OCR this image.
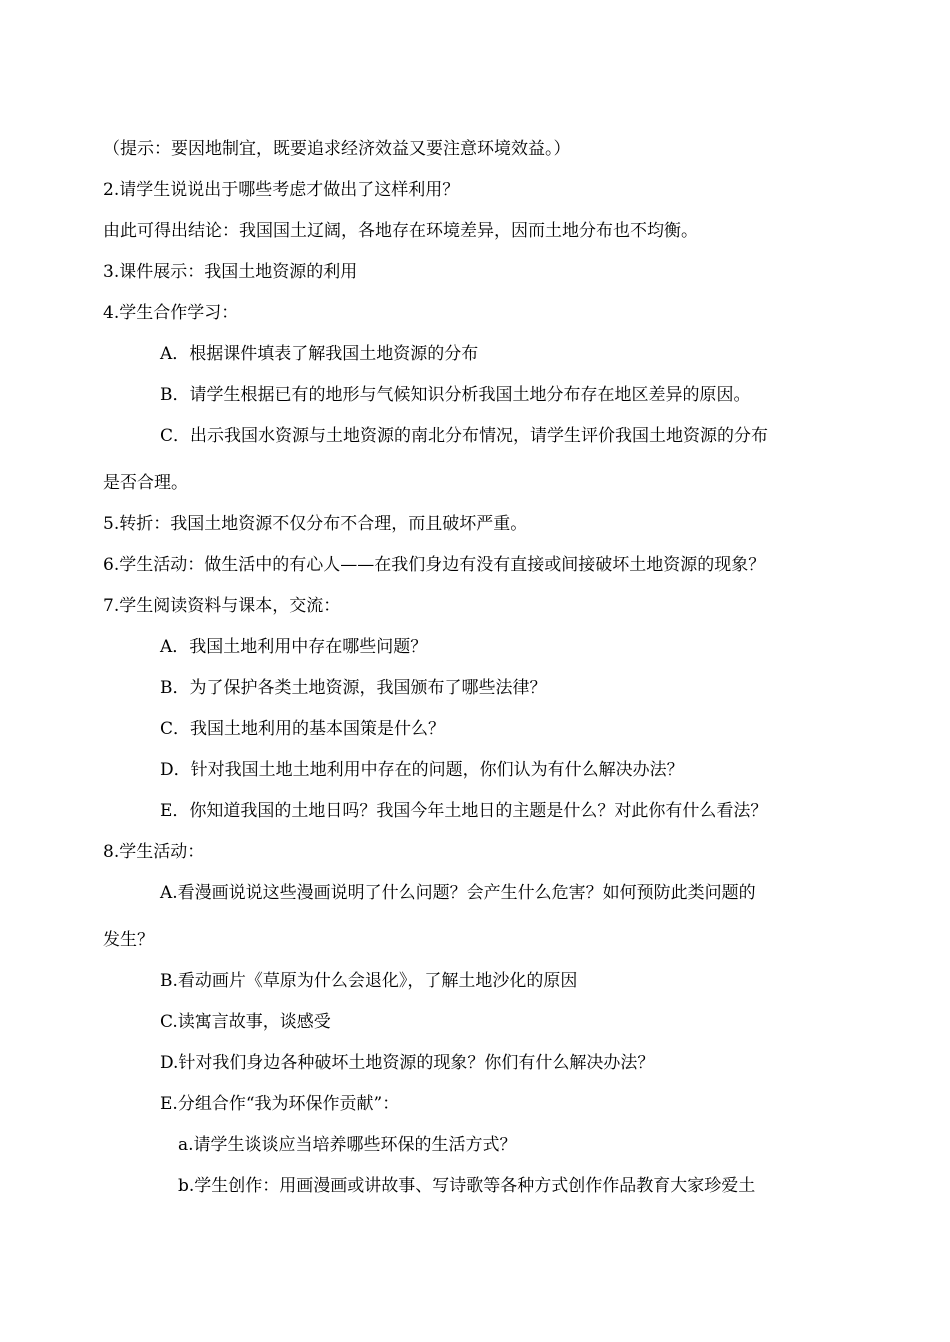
（提示：要因地制宜，既要追求经济效益又要注意环境效益。）

2.请学生说说出于哪些考虑才做出了这样利用？

由此可得出结论：我国国土辽阔，各地存在环境差异，因而土地分布也不均衡。

3.课件展示：我国土地资源的利用

4.学生合作学习：

A．根据课件填表了解我国土地资源的分布

B．请学生根据已有的地形与气候知识分析我国土地分布存在地区差异的原因。

C．出示我国水资源与土地资源的南北分布情况，请学生评价我国土地资源的分布

是否合理。

5.转折：我国土地资源不仅分布不合理，而且破坏严重。

6.学生活动：做生活中的有心人——在我们身边有没有直接或间接破坏土地资源的现象？

7.学生阅读资料与课本，交流：

A．我国土地利用中存在哪些问题？

B．为了保护各类土地资源，我国颁布了哪些法律？

C．我国土地利用的基本国策是什么？

D．针对我国土地土地利用中存在的问题，你们认为有什么解决办法？

E．你知道我国的土地日吗？我国今年土地日的主题是什么？对此你有什么看法？

8.学生活动：

A.看漫画说说这些漫画说明了什么问题？会产生什么危害？如何预防此类问题的

发生？

B.看动画片《草原为什么会退化》，了解土地沙化的原因

C.读寓言故事，谈感受

D.针对我们身边各种破坏土地资源的现象？你们有什么解决办法？

E.分组合作“我为环保作贡献”：

a.请学生谈谈应当培养哪些环保的生活方式？

b.学生创作：用画漫画或讲故事、写诗歌等各种方式创作作品教育大家珍爱土
